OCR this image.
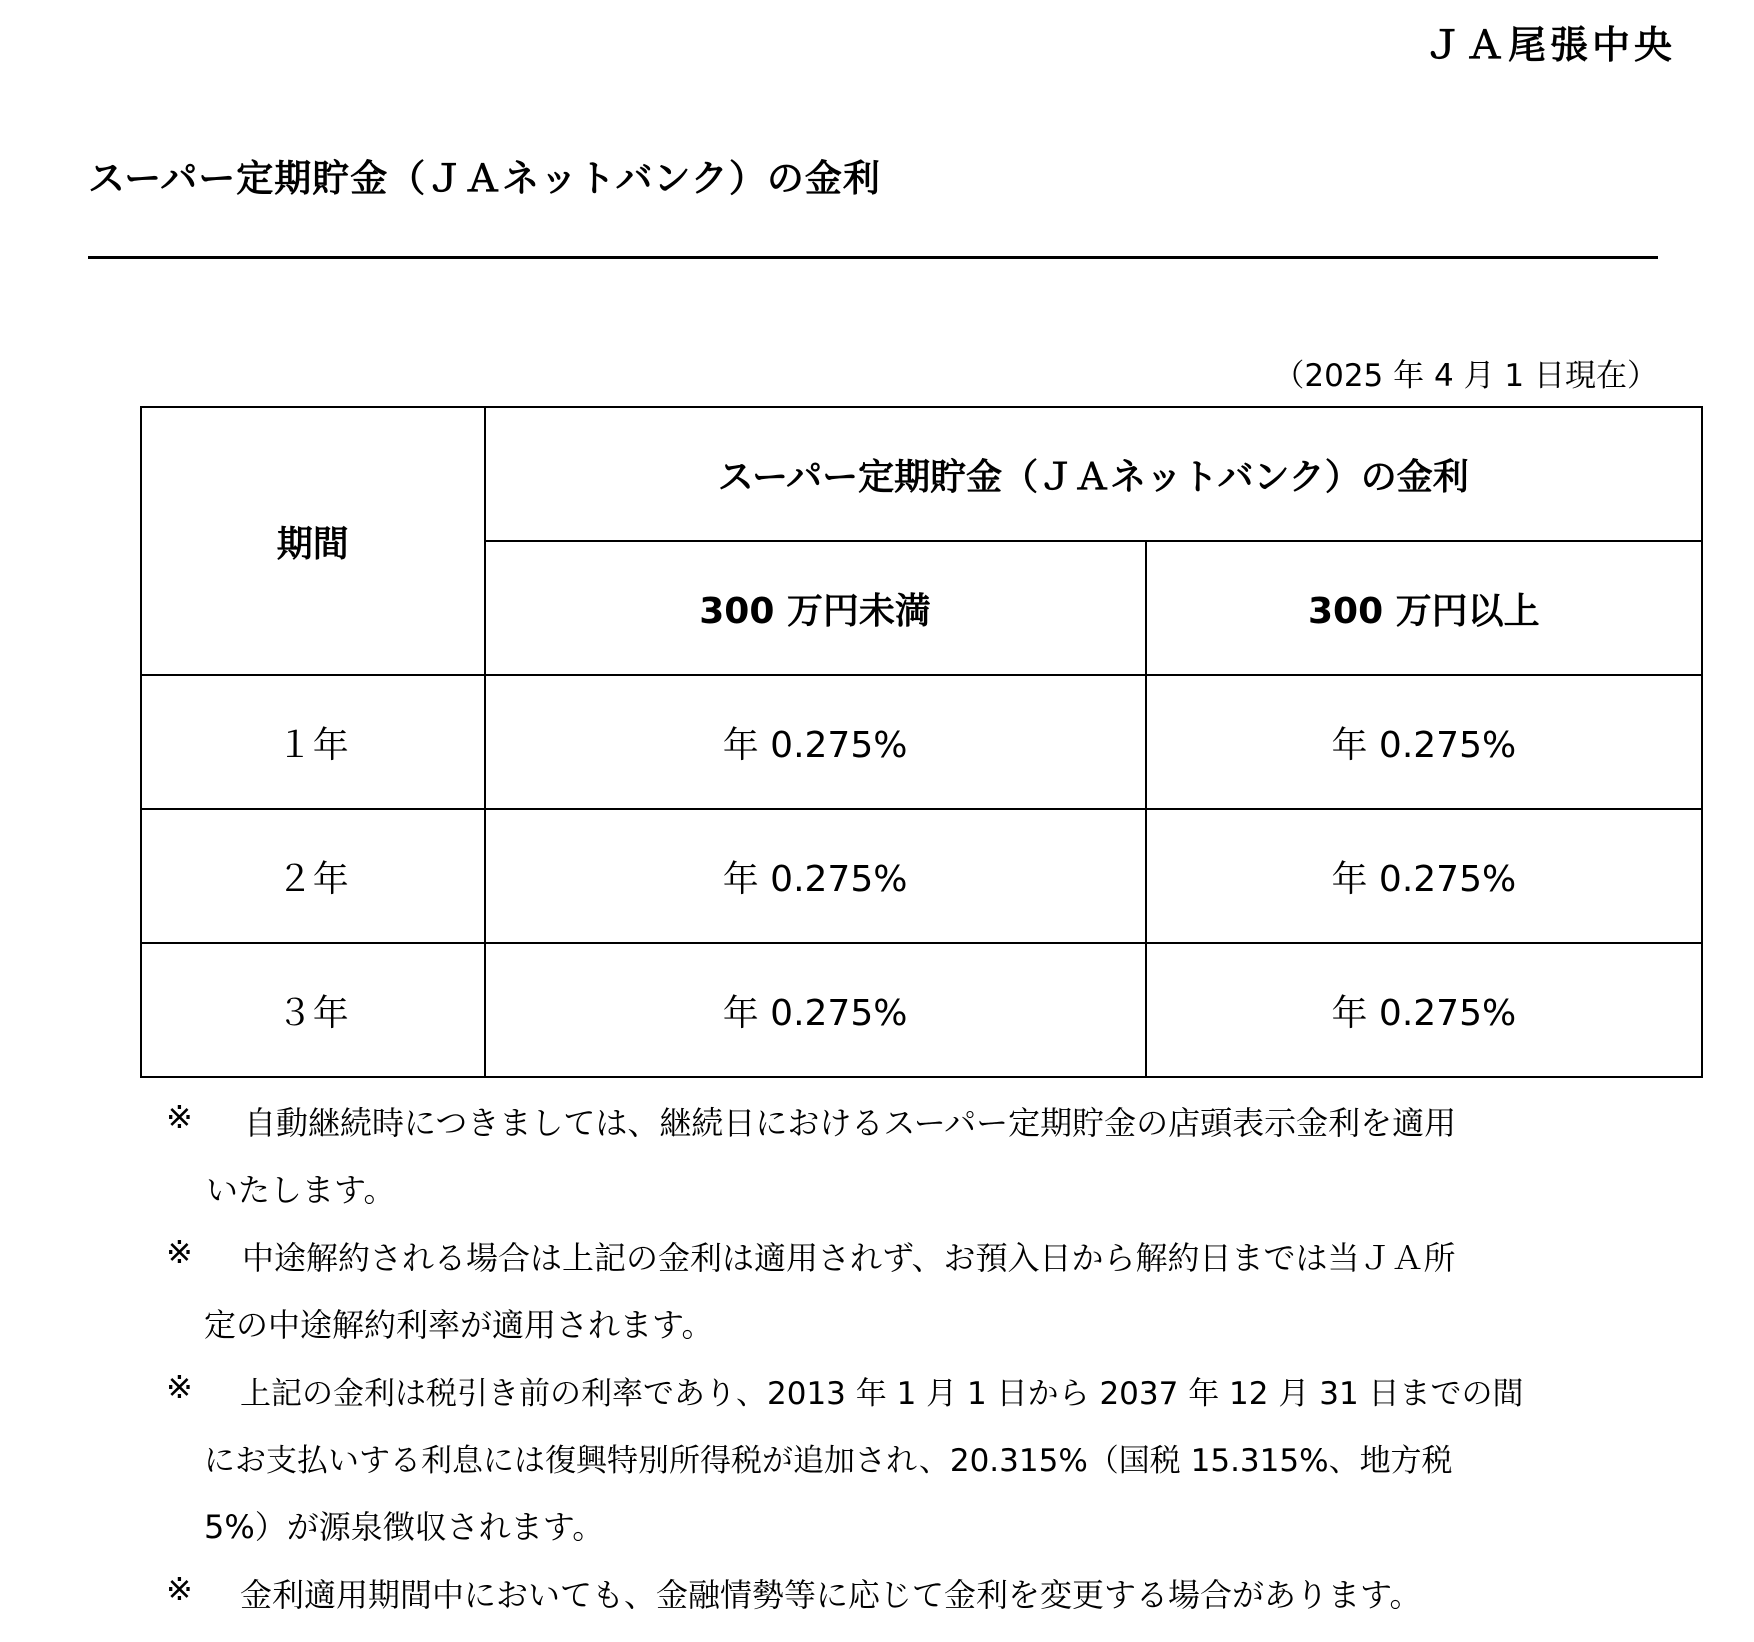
ＪＡ尾張中央
スーパー定期貯金（ＪＡネットバンク）の金利
（2025 年 4 月 1 日現在）
期間	スーパー定期貯金（ＪＡネットバンク）の金利	
	300 万円未満	300 万円以上
１年	年 0.275%	年 0.275%
２年	年 0.275%	年 0.275%
３年	年 0.275%	年 0.275%
※ 自動継続時につきましては、継続日におけるスーパー定期貯金の店頭表示金利を適用
いたします。
※ 中途解約される場合は上記の金利は適用されず、お預入日から解約日までは当ＪＡ所
定の中途解約利率が適用されます。
※ 上記の金利は税引き前の利率であり、2013 年 1 月 1 日から 2037 年 12 月 31 日までの間
にお支払いする利息には復興特別所得税が追加され、20.315%（国税 15.315%、地方税
5%）が源泉徴収されます。
※ 金利適用期間中においても、金融情勢等に応じて金利を変更する場合があります。
